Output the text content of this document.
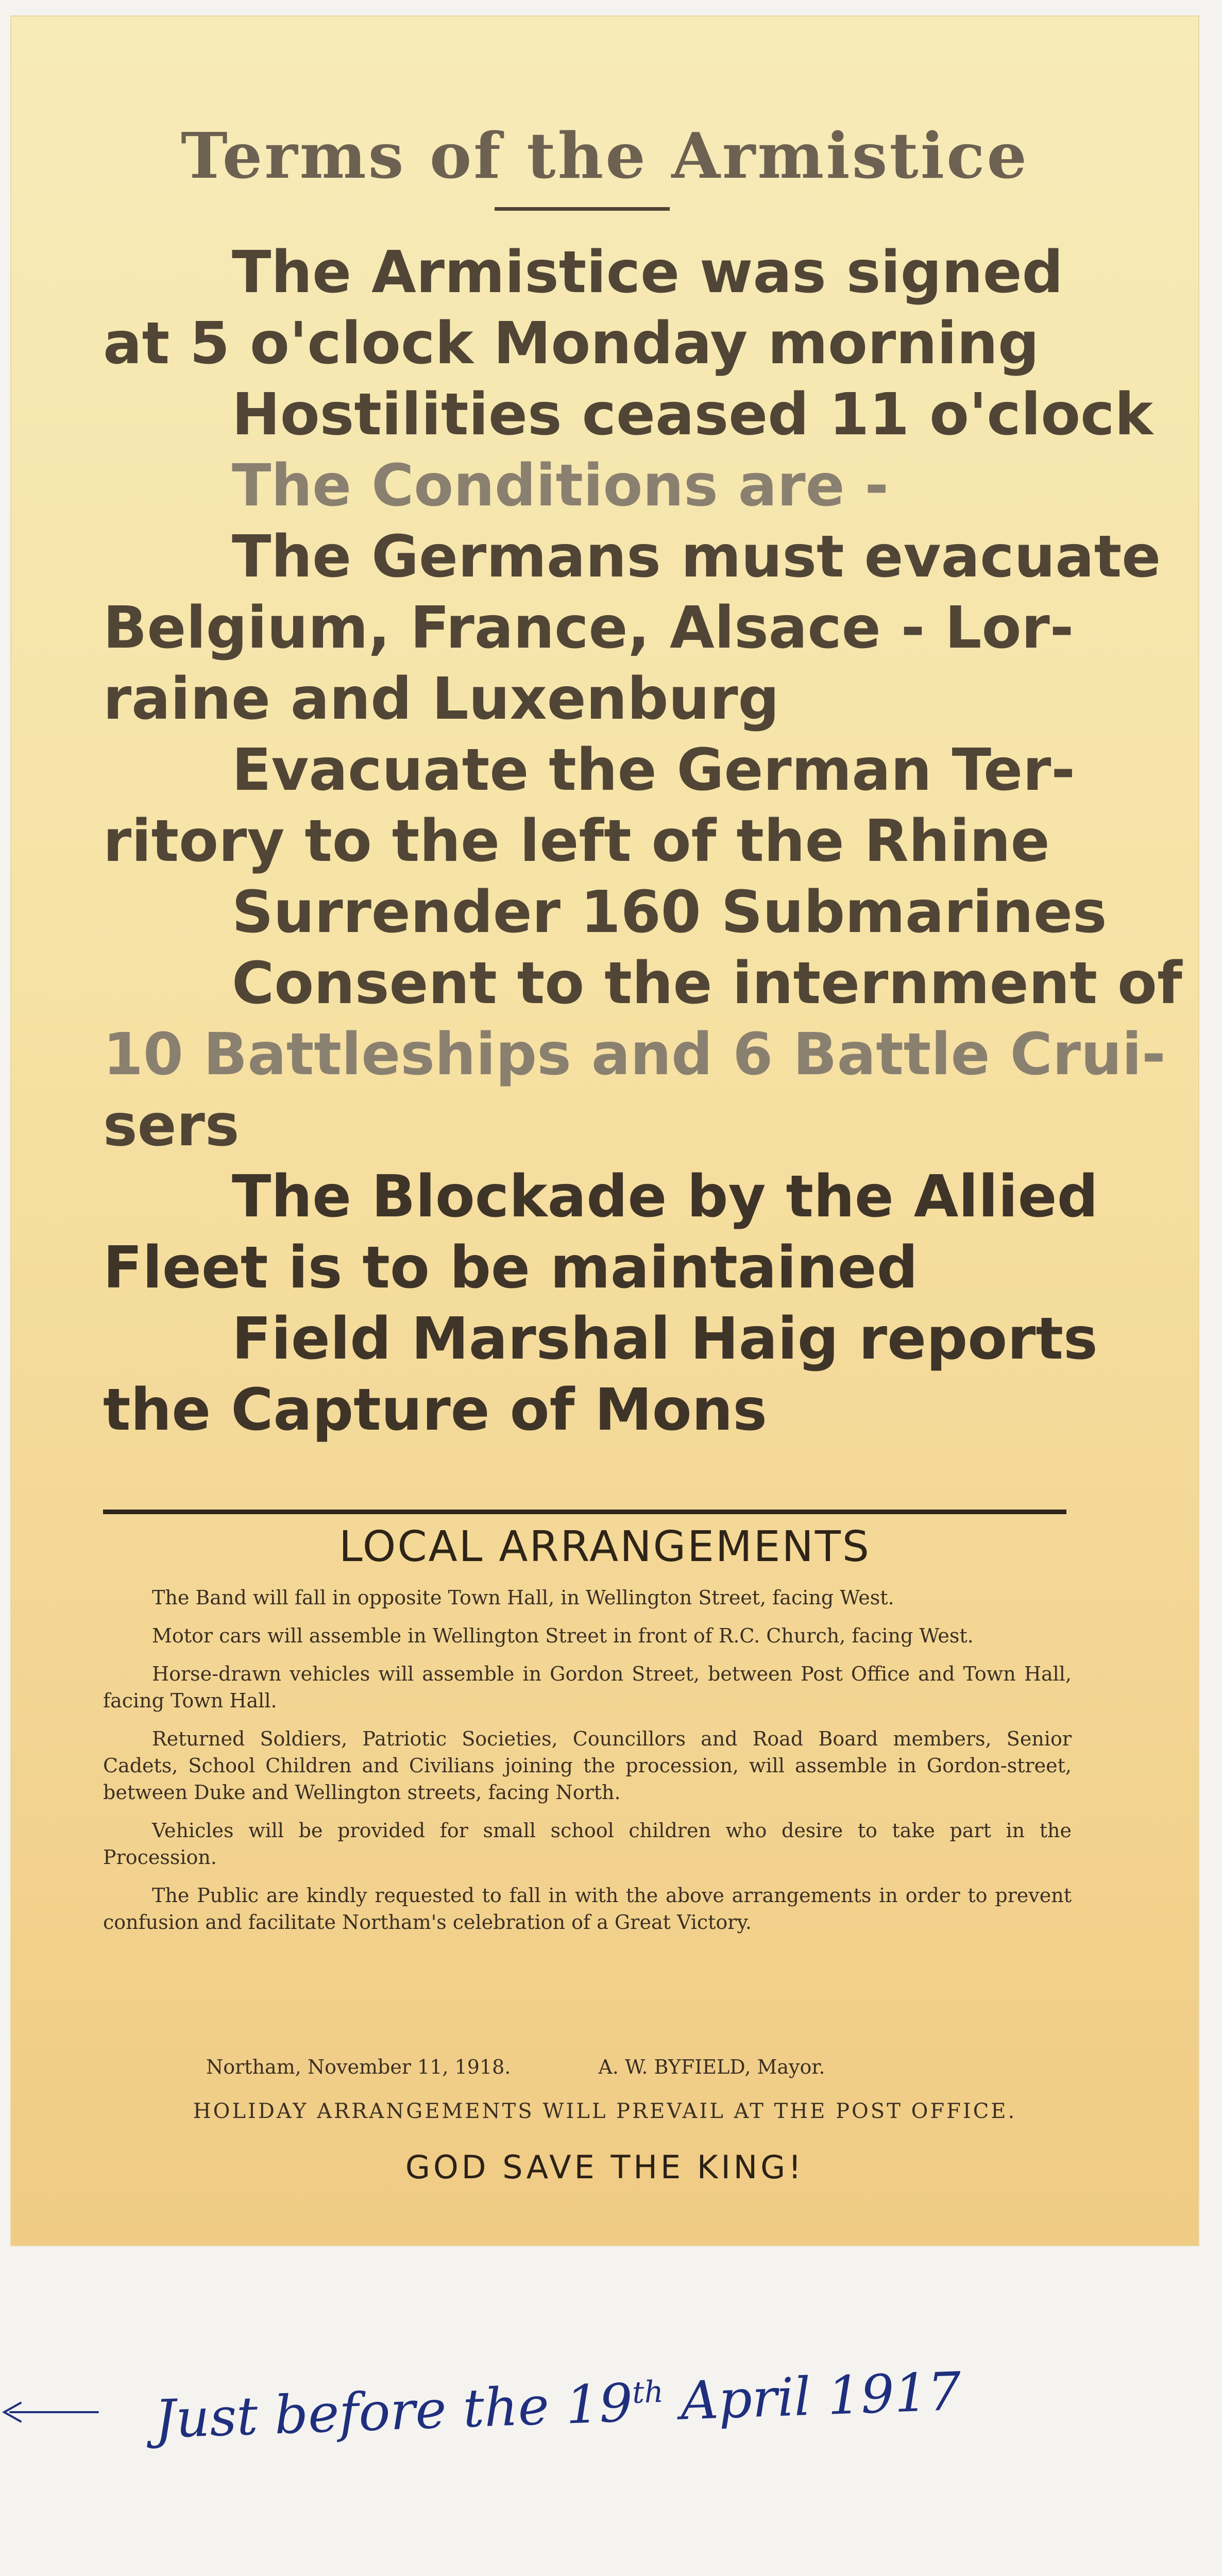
Terms of the Armistice
The Armistice was signed
at 5 o'clock Monday morning
Hostilities ceased 11 o'clock
The Conditions are -
The Germans must evacuate
Belgium, France, Alsace - Lor-
raine and Luxenburg
Evacuate the German Ter-
ritory to the left of the Rhine
Surrender 160 Submarines
Consent to the internment of
10 Battleships and 6 Battle Crui-
sers
The Blockade by the Allied
Fleet is to be maintained
Field Marshal Haig reports
the Capture of Mons
LOCAL ARRANGEMENTS

The Band will fall in opposite Town Hall, in Wellington Street, facing West.

Motor cars will assemble in Wellington Street in front of R.C. Church, facing West.

Horse-drawn vehicles will assemble in Gordon Street, between Post Office and Town Hall, facing Town Hall.

Returned Soldiers, Patriotic Societies, Councillors and Road Board members, Senior Cadets, School Children and Civilians joining the procession, will assemble in Gordon-street, between Duke and Wellington streets, facing North.

Vehicles will be provided for small school children who desire to take part in the Procession.

The Public are kindly requested to fall in with the above arrangements in order to prevent confusion and facilitate Northam's celebration of a Great Victory.

Northam, November 11, 1918.	A. W. BYFIELD, Mayor.
HOLIDAY ARRANGEMENTS WILL PREVAIL AT THE POST OFFICE.
GOD SAVE THE KING!
Just before the 19th April 1917
